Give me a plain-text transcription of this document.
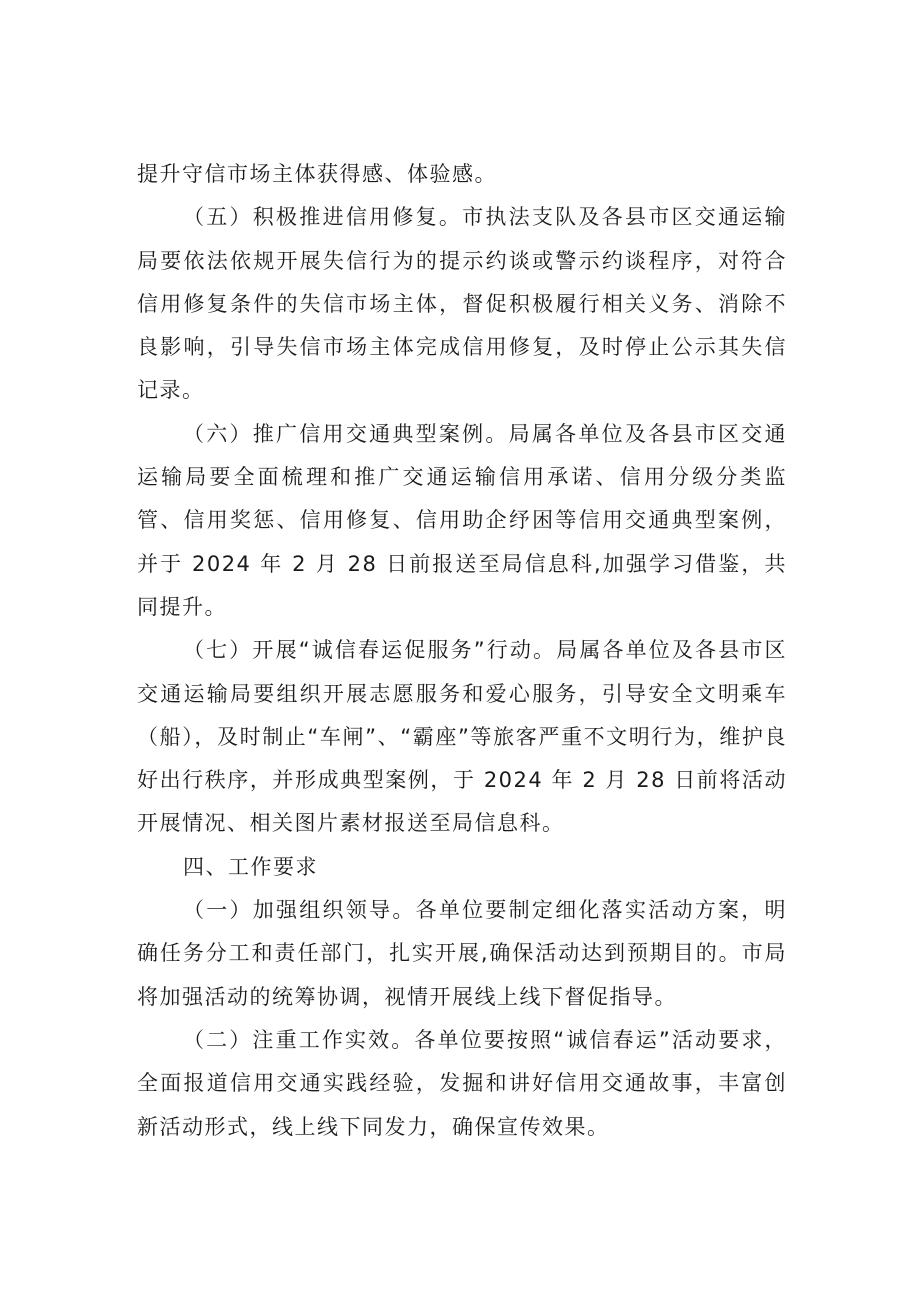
提升守信市场主体获得感、体验感。

（五）积极推进信用修复。市执法支队及各县市区交通运输局要依法依规开展失信行为的提示约谈或警示约谈程序，对符合信用修复条件的失信市场主体，督促积极履行相关义务、消除不良影响，引导失信市场主体完成信用修复，及时停止公示其失信记录。

（六）推广信用交通典型案例。局属各单位及各县市区交通运输局要全面梳理和推广交通运输信用承诺、信用分级分类监管、信用奖惩、信用修复、信用助企纾困等信用交通典型案例，并于 2024 年 2 月 28 日前报送至局信息科,加强学习借鉴，共同提升。

（七）开展“诚信春运促服务”行动。局属各单位及各县市区交通运输局要组织开展志愿服务和爱心服务，引导安全文明乘车（船），及时制止“车闸”、“霸座”等旅客严重不文明行为，维护良好出行秩序，并形成典型案例，于 2024 年 2 月 28 日前将活动开展情况、相关图片素材报送至局信息科。

四、工作要求

（一）加强组织领导。各单位要制定细化落实活动方案，明确任务分工和责任部门，扎实开展,确保活动达到预期目的。市局将加强活动的统筹协调，视情开展线上线下督促指导。

（二）注重工作实效。各单位要按照“诚信春运”活动要求，全面报道信用交通实践经验，发掘和讲好信用交通故事，丰富创新活动形式，线上线下同发力，确保宣传效果。
